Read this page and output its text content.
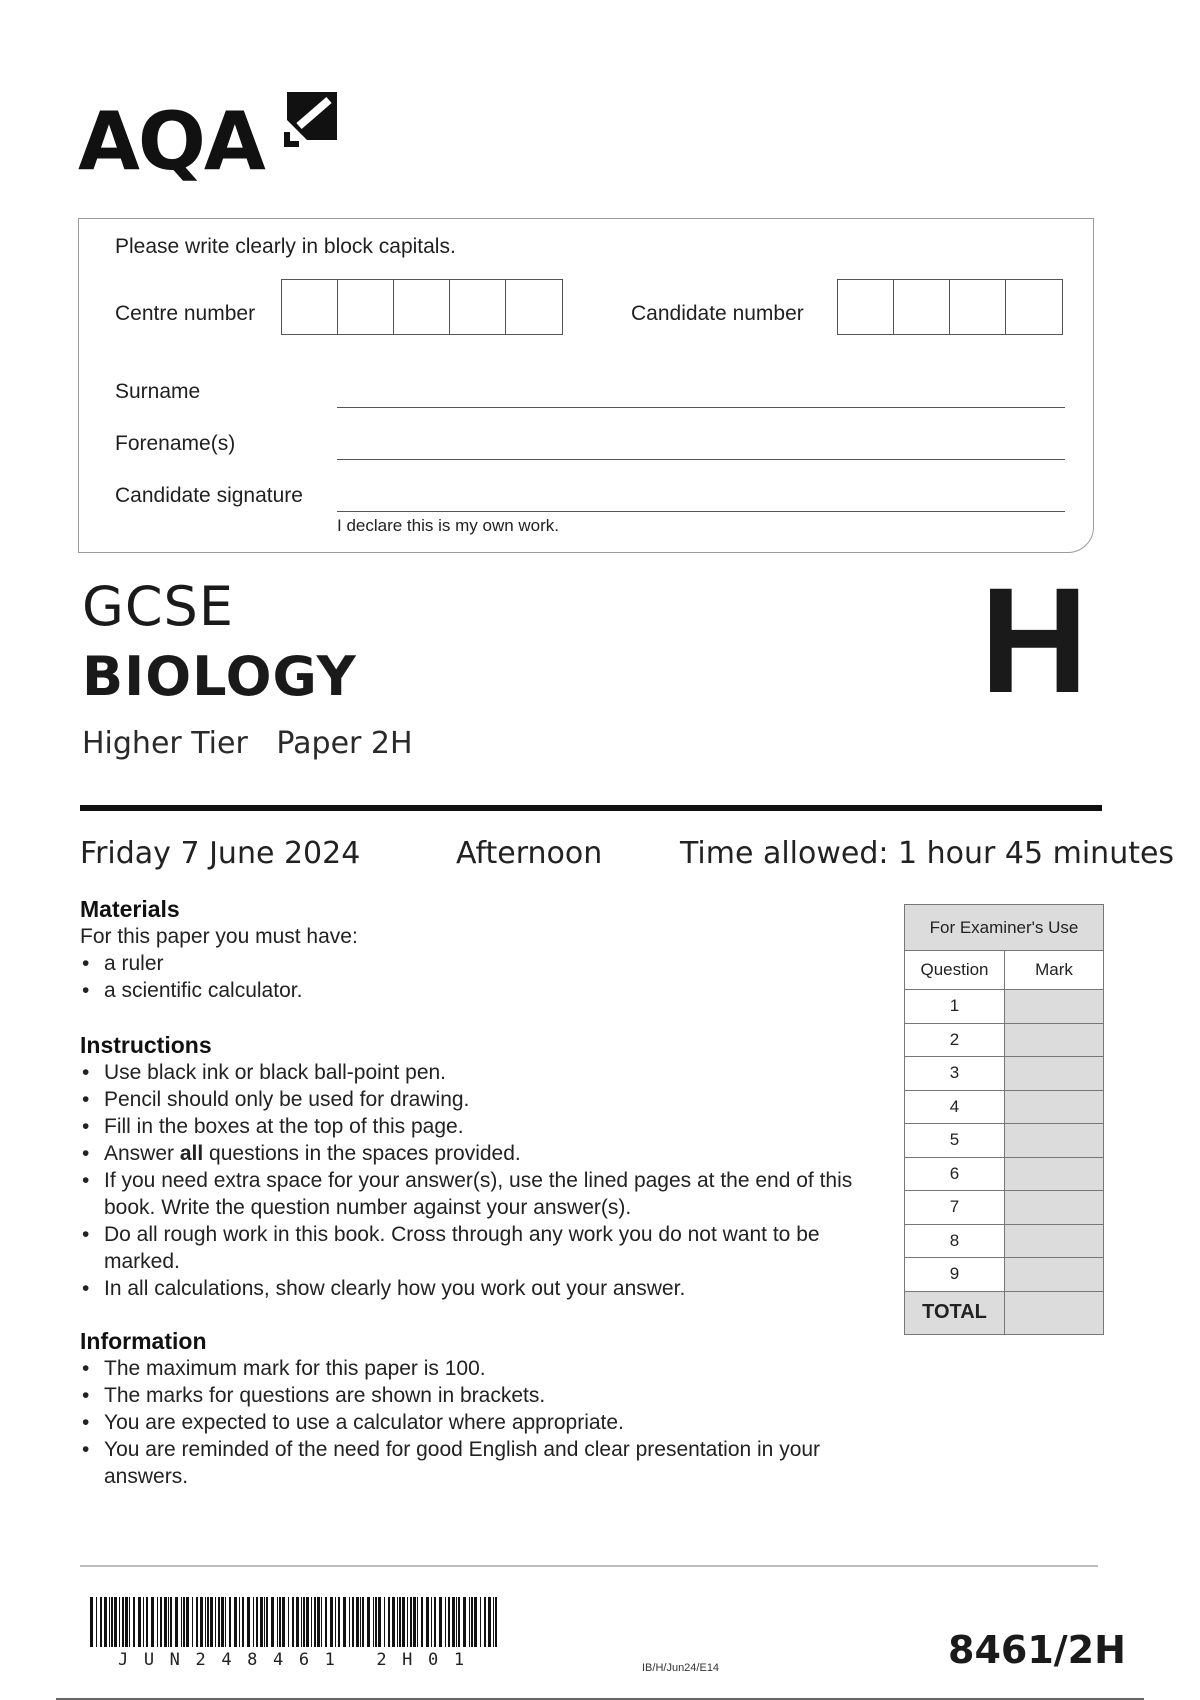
AQA
Please write clearly in block capitals.
Centre number	Candidate number
Surname
Forename(s)
Candidate signature
I declare this is my own work.
GCSE
BIOLOGY
Higher Tier Paper 2H
H
Friday 7 June 2024	Afternoon	Time allowed: 1 hour 45 minutes
Materials
For this paper you must have:
• a ruler
• a scientific calculator.
Instructions
• Use black ink or black ball-point pen.
• Pencil should only be used for drawing.
• Fill in the boxes at the top of this page.
• Answer all questions in the spaces provided.
• If you need extra space for your answer(s), use the lined pages at the end of this book. Write the question number against your answer(s).
• Do all rough work in this book. Cross through any work you do not want to be marked.
• In all calculations, show clearly how you work out your answer.
Information
• The maximum mark for this paper is 100.
• The marks for questions are shown in brackets.
• You are expected to use a calculator where appropriate.
• You are reminded of the need for good English and clear presentation in your answers.
For Examiner's Use	
Question	Mark
1	
2	
3	
4	
5	
6	
7	
8	
9	
TOTAL	
JUN248461 2H01	IB/H/Jun24/E14	8461/2H
